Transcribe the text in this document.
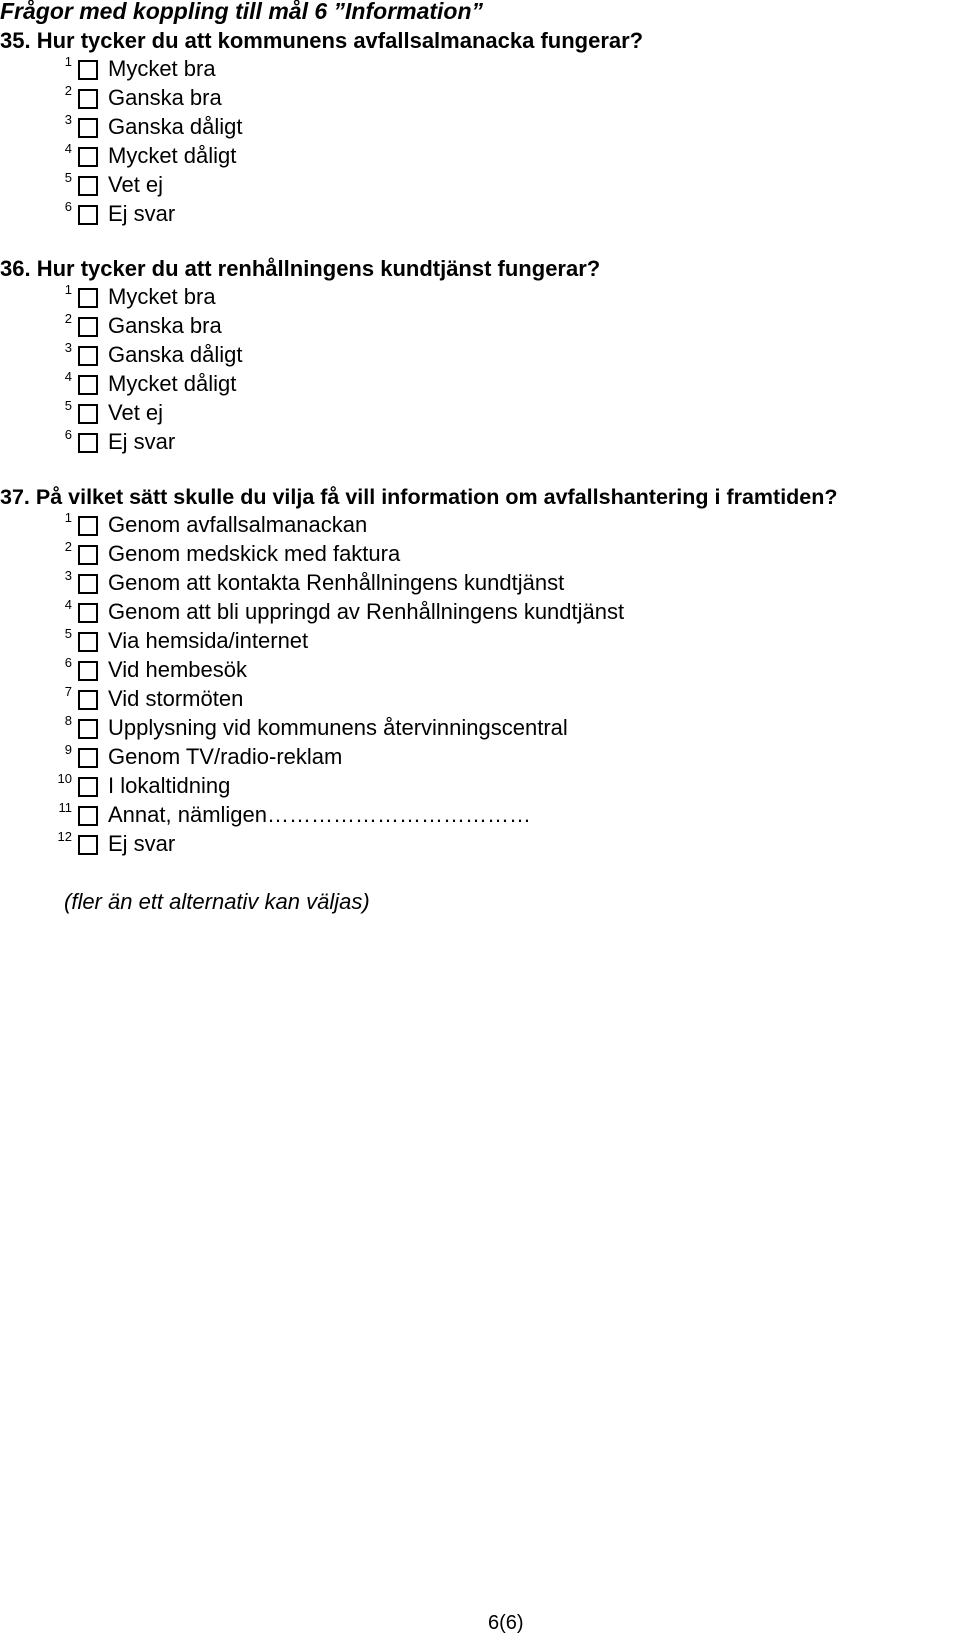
Frågor med koppling till mål 6 ”Information”
35. Hur tycker du att kommunens avfallsalmanacka fungerar?
1 Mycket bra
2 Ganska bra
3 Ganska dåligt
4 Mycket dåligt
5 Vet ej
6 Ej svar
36. Hur tycker du att renhållningens kundtjänst fungerar?
1 Mycket bra
2 Ganska bra
3 Ganska dåligt
4 Mycket dåligt
5 Vet ej
6 Ej svar
37. På vilket sätt skulle du vilja få vill information om avfallshantering i framtiden?
1 Genom avfallsalmanackan
2 Genom medskick med faktura
3 Genom att kontakta Renhållningens kundtjänst
4 Genom att bli uppringd av Renhållningens kundtjänst
5 Via hemsida/internet
6 Vid hembesök
7 Vid stormöten
8 Upplysning vid kommunens återvinningscentral
9 Genom TV/radio-reklam
10 I lokaltidning
11 Annat, nämligen………………………………
12 Ej svar
(fler än ett alternativ kan väljas)
6(6)
